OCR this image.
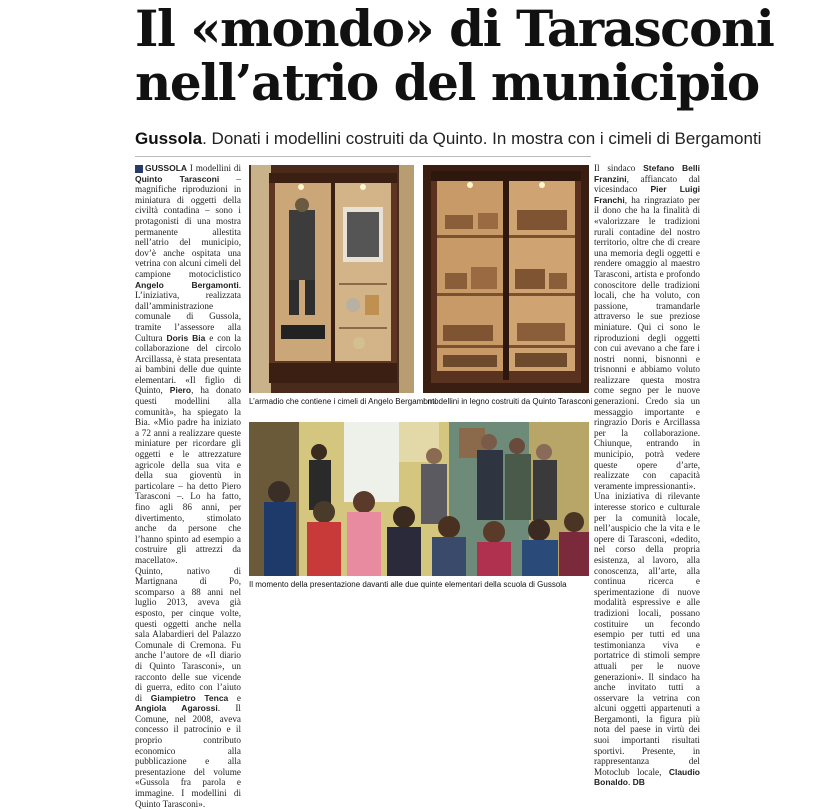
Il «mondo» di Tarasconi
nell’atrio del municipio
Gussola. Donati i modellini costruiti da Quinto. In mostra con i cimeli di Bergamonti
GUSSOLA I modellini di Quinto Tarasconi – magnifiche riproduzioni in miniatura di oggetti della civiltà contadina – sono i protagonisti di una mostra permanente allestita nell’atrio del municipio, dov’è anche ospitata una vetrina con alcuni cimeli del campione motociclistico Angelo Bergamonti. L’iniziativa, realizzata dall’amministrazione comunale di Gussola, tramite l’assessore alla Cultura Doris Bia e con la collaborazione del circolo Arcillassa, è stata presentata ai bambini delle due quinte elementari. «Il figlio di Quinto, Piero, ha donato questi modellini alla comunità», ha spiegato la Bia. «Mio padre ha iniziato a 72 anni a realizzare queste miniature per ricordare gli oggetti e le attrezzature agricole della sua vita e della sua gioventù in particolare – ha detto Piero Tarasconi –. Lo ha fatto, fino agli 86 anni, per divertimento, stimolato anche da persone che l’hanno spinto ad esempio a costruire gli attrezzi da macellato».
Quinto, nativo di Martignana di Po, scomparso a 88 anni nel luglio 2013, aveva già esposto, per cinque volte, questi oggetti anche nella sala Alabardieri del Palazzo Comunale di Cremona. Fu anche l’autore de «Il diario di Quinto Tarasconi», un racconto delle sue vicende di guerra, edito con l’aiuto di Giampietro Tenca e Angiola Agarossi. Il Comune, nel 2008, aveva concesso il patrocinio e il proprio contributo economico alla pubblicazione e alla presentazione del volume «Gussola fra parola e immagine. I modellini di Quinto Tarasconi».
L’armadio che contiene i cimeli di Angelo Bergamonti
I modellini in legno costruiti da Quinto Tarasconi
Il momento della presentazione davanti alle due quinte elementari della scuola di Gussola
Il sindaco Stefano Belli Franzini, affiancato dal vicesindaco Pier Luigi Franchi, ha ringraziato per il dono che ha la finalità di «valorizzare le tradizioni rurali contadine del nostro territorio, oltre che di creare una memoria degli oggetti e rendere omaggio al maestro Tarasconi, artista e profondo conoscitore delle tradizioni locali, che ha voluto, con passione, tramandarle attraverso le sue preziose miniature. Qui ci sono le riproduzioni degli oggetti con cui avevano a che fare i nostri nonni, bisnonni e trisnonni e abbiamo voluto realizzare questa mostra come segno per le nuove generazioni. Credo sia un messaggio importante e ringrazio Doris e Arcillassa per la collaborazione. Chiunque, entrando in municipio, potrà vedere queste opere d’arte, realizzate con capacità veramente impressionanti».
Una iniziativa di rilevante interesse storico e culturale per la comunità locale, nell’auspicio che la vita e le opere di Tarasconi, «dedito, nel corso della propria esistenza, al lavoro, alla conoscenza, all’arte, alla continua ricerca e sperimentazione di nuove modalità espressive e alle tradizioni locali, possano costituire un fecondo esempio per tutti ed una testimonianza viva e portatrice di stimoli sempre attuali per le nuove generazioni». Il sindaco ha anche invitato tutti a osservare la vetrina con alcuni oggetti appartenuti a Bergamonti, la figura più nota del paese in virtù dei suoi importanti risultati sportivi. Presente, in rappresentanza del Motoclub locale, Claudio Bonaldo. DB
